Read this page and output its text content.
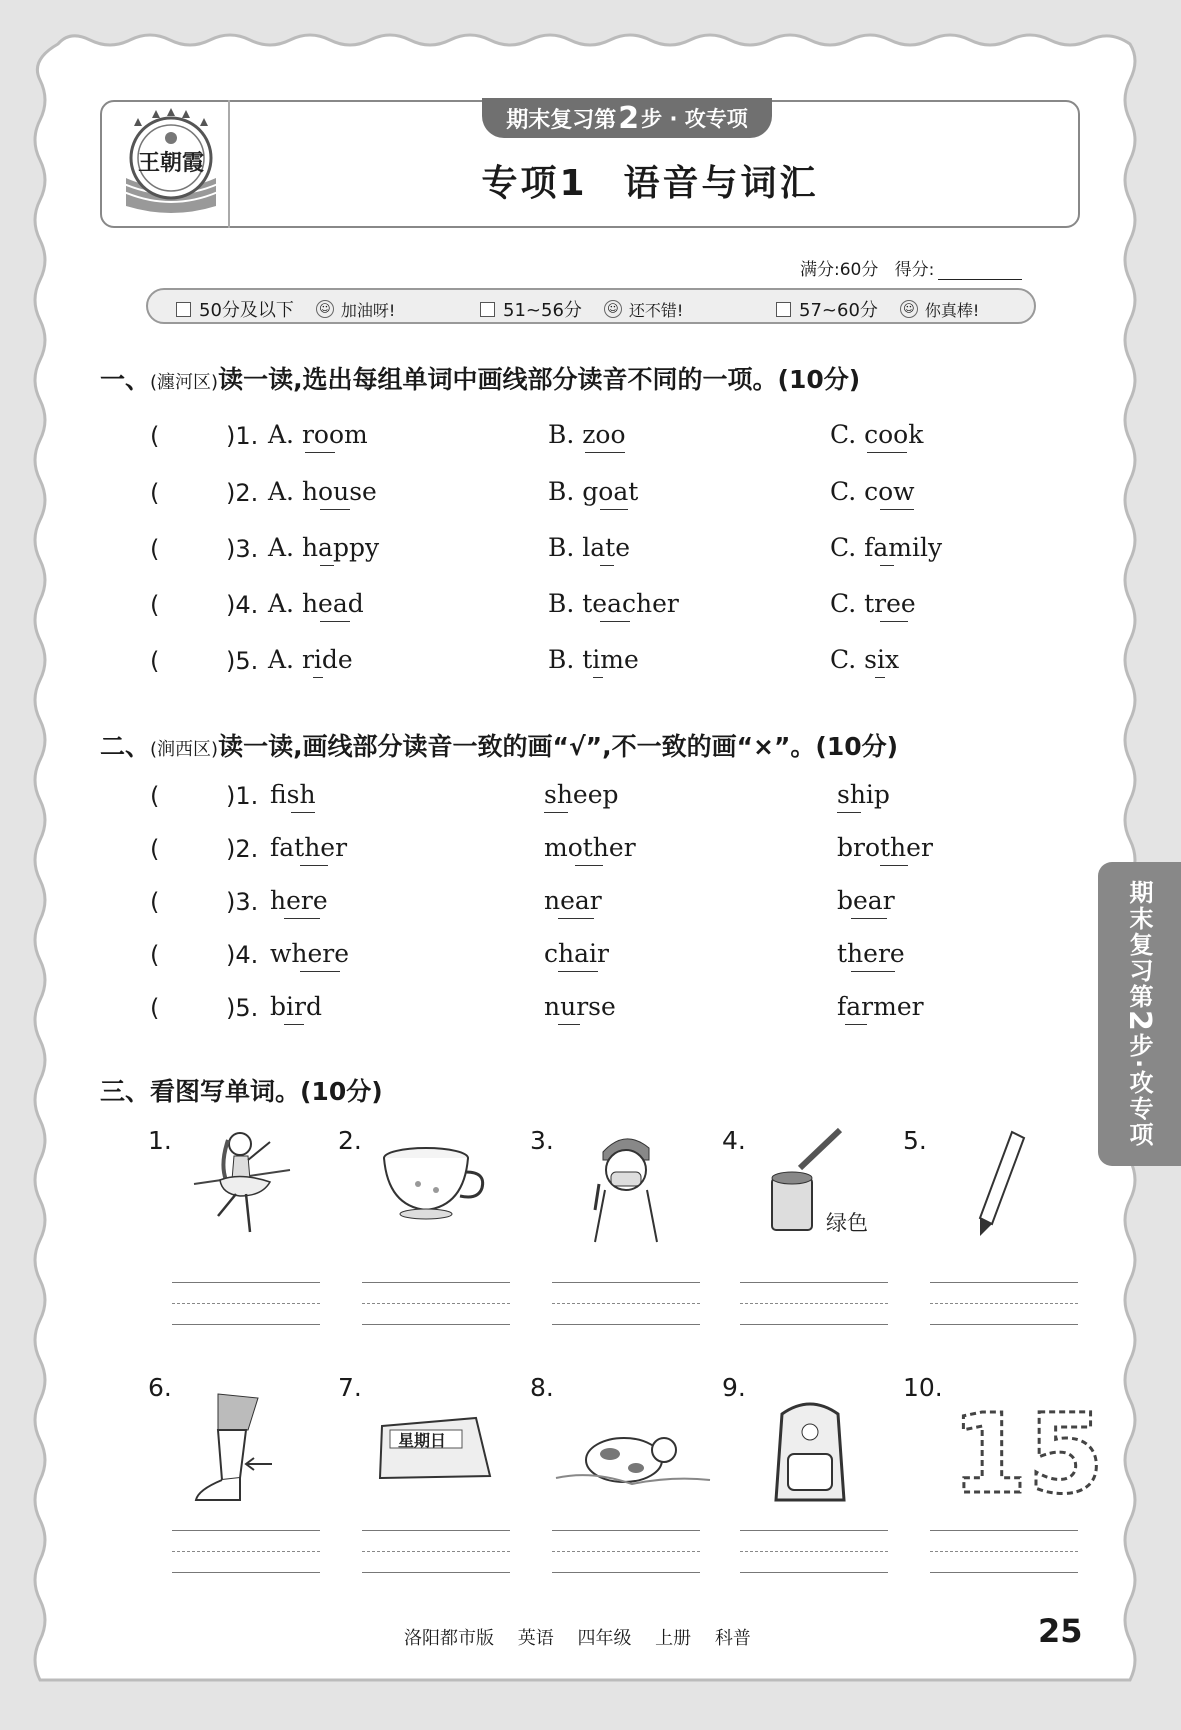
王朝霞
期末复习第 2 步 · 攻专项
专项1 语音与词汇
满分:60分 得分:
50分及以下 ☺ 加油呀!	51~56分 ☺ 还不错!	57~60分 ☺ 你真棒!
一、(瀍河区)读一读,选出每组单词中画线部分读音不同的一项。(10分)
(	)1. A. room	B. zoo	C. cook
(	)2. A. house	B. goat	C. cow
(	)3. A. happy	B. late	C. family
(	)4. A. head	B. teacher	C. tree
(	)5. A. ride	B. time	C. six
二、(涧西区)读一读,画线部分读音一致的画“√”,不一致的画“×”。(10分)
(	)1. fish	sheep	ship
(	)2. father	mother	brother
(	)3. here	near	bear
(	)4. where	chair	there
(	)5. bird	nurse	farmer
三、看图写单词。(10分)
1.	2.	3.	4.	5.
6.	7.	8.	9.	10.
绿色
星期日	15
期末复习第
2
步·攻专项
洛阳都市版 英语 四年级 上册 科普	25
